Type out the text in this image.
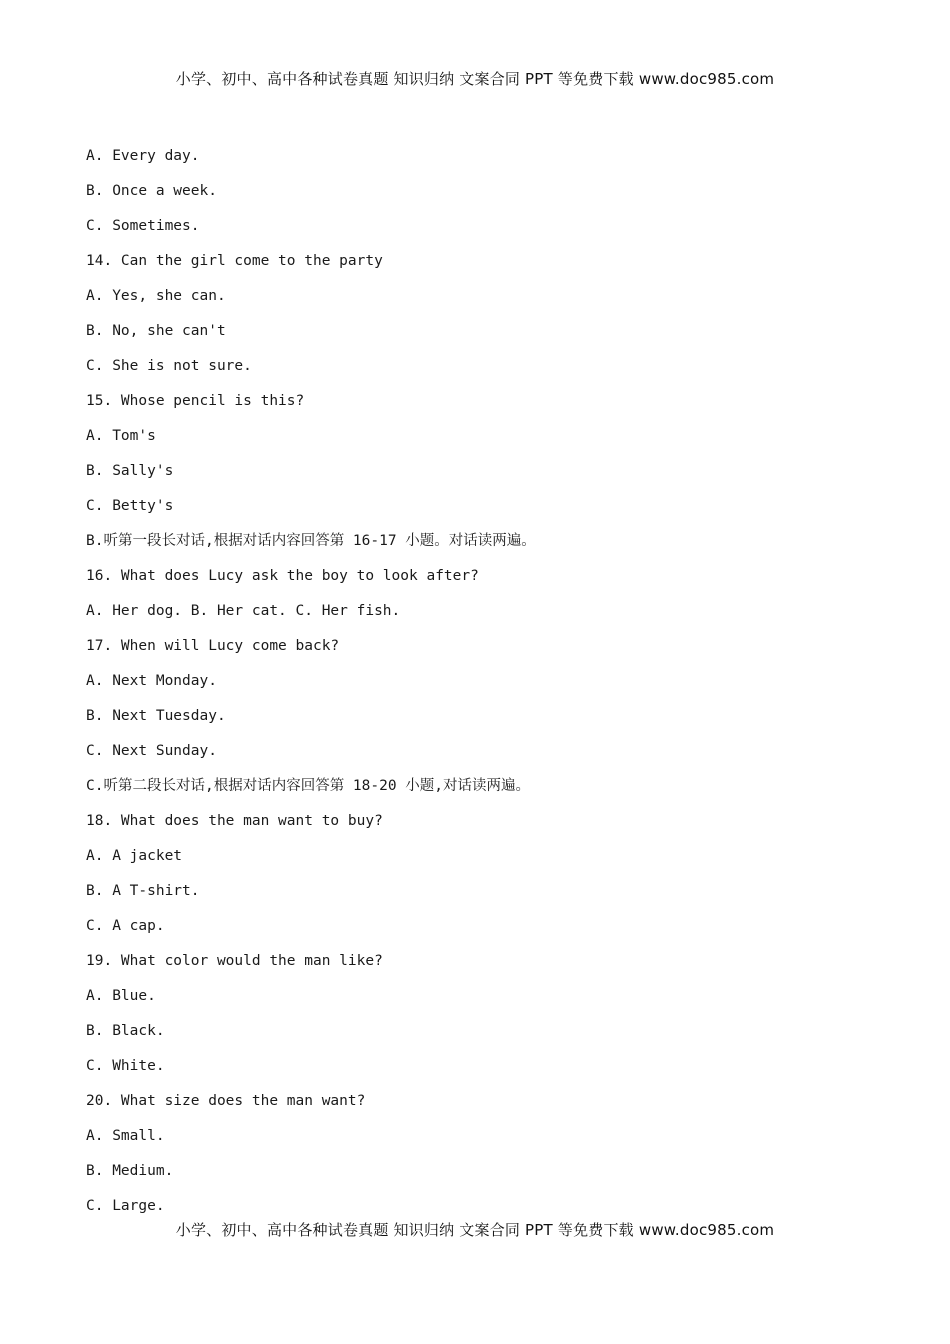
小学、初中、高中各种试卷真题 知识归纳 文案合同 PPT 等免费下载 www.doc985.com
A. Every day.
B. Once a week.
C. Sometimes.
14. Can the girl come to the party
A. Yes, she can.
B. No, she can't
C. She is not sure.
15. Whose pencil is this?
A. Tom's
B. Sally's
C. Betty's
B.听第一段长对话,根据对话内容回答第 16-17 小题。对话读两遍。
16. What does Lucy ask the boy to look after?
A. Her dog. B. Her cat. C. Her fish.
17. When will Lucy come back?
A. Next Monday.
B. Next Tuesday.
C. Next Sunday.
C.听第二段长对话,根据对话内容回答第 18-20 小题,对话读两遍。
18. What does the man want to buy?
A. A jacket
B. A T-shirt.
C. A cap.
19. What color would the man like?
A. Blue.
B. Black.
C. White.
20. What size does the man want?
A. Small.
B. Medium.
C. Large.
小学、初中、高中各种试卷真题 知识归纳 文案合同 PPT 等免费下载 www.doc985.com
